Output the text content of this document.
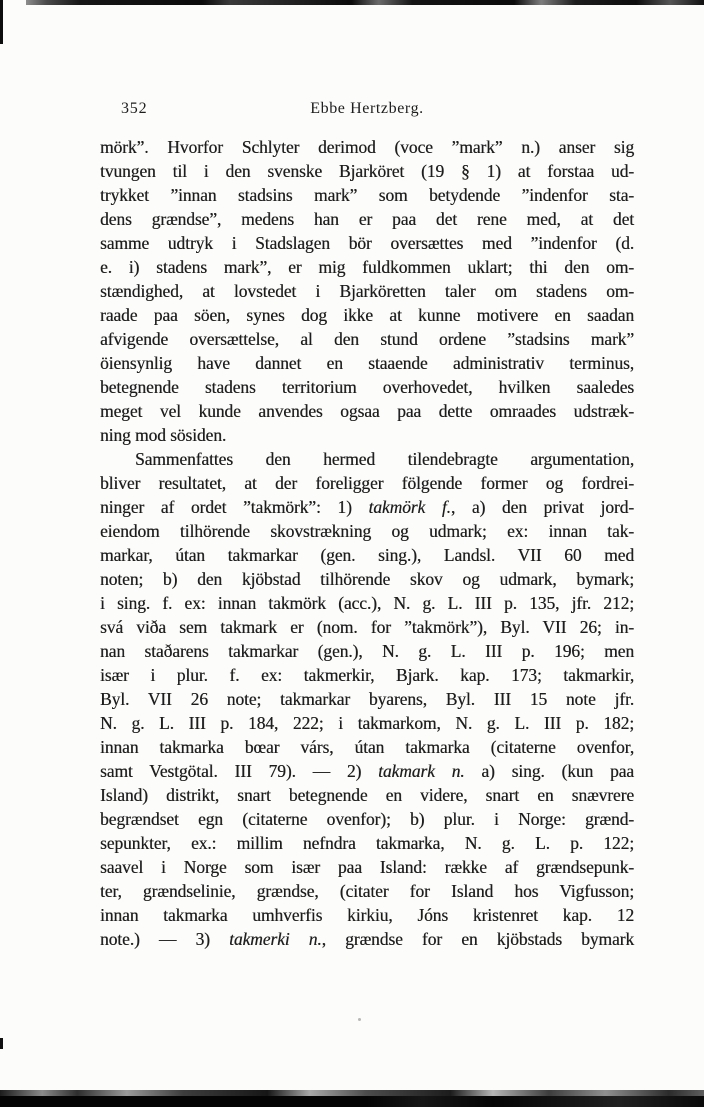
352	Ebbe Hertzberg.
mörk”. Hvorfor Schlyter derimod (voce ”mark” n.) anser sig
tvungen til i den svenske Bjarköret (19 § 1) at forstaa ud-
trykket ”innan stadsins mark” som betydende ”indenfor sta-
dens grændse”, medens han er paa det rene med, at det
samme udtryk i Stadslagen bör oversættes med ”indenfor (d.
e. i) stadens mark”, er mig fuldkommen uklart; thi den om-
stændighed, at lovstedet i Bjarköretten taler om stadens om-
raade paa söen, synes dog ikke at kunne motivere en saadan
afvigende oversættelse, al den stund ordene ”stadsins mark”
öiensynlig have dannet en staaende administrativ terminus,
betegnende stadens territorium overhovedet, hvilken saaledes
meget vel kunde anvendes ogsaa paa dette omraades udstræk-
ning mod sösiden.
Sammenfattes den hermed tilendebragte argumentation,
bliver resultatet, at der foreligger fölgende former og fordrei-
ninger af ordet ”takmörk”: 1) takmörk f., a) den privat jord-
eiendom tilhörende skovstrækning og udmark; ex: innan tak-
markar, útan takmarkar (gen. sing.), Landsl. VII 60 med
noten; b) den kjöbstad tilhörende skov og udmark, bymark;
i sing. f. ex: innan takmörk (acc.), N. g. L. III p. 135, jfr. 212;
svá viða sem takmark er (nom. for ”takmörk”), Byl. VII 26; in-
nan staðarens takmarkar (gen.), N. g. L. III p. 196; men
især i plur. f. ex: takmerkir, Bjark. kap. 173; takmarkir,
Byl. VII 26 note; takmarkar byarens, Byl. III 15 note jfr.
N. g. L. III p. 184, 222; i takmarkom, N. g. L. III p. 182;
innan takmarka bœar várs, útan takmarka (citaterne ovenfor,
samt Vestgötal. III 79). — 2) takmark n. a) sing. (kun paa
Island) distrikt, snart betegnende en videre, snart en snævrere
begrændset egn (citaterne ovenfor); b) plur. i Norge: grænd-
sepunkter, ex.: millim nefndra takmarka, N. g. L. p. 122;
saavel i Norge som især paa Island: række af grændsepunk-
ter, grændselinie, grændse, (citater for Island hos Vigfusson;
innan takmarka umhverfis kirkiu, Jóns kristenret kap. 12
note.) — 3) takmerki n., grændse for en kjöbstads bymark
